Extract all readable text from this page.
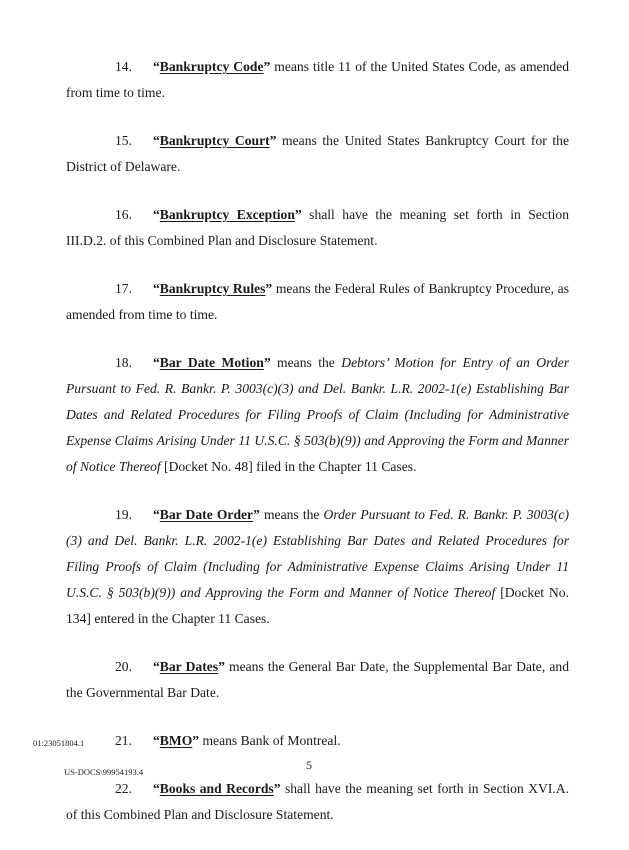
14. “Bankruptcy Code” means title 11 of the United States Code, as amended from time to time.

15. “Bankruptcy Court” means the United States Bankruptcy Court for the District of Delaware.

16. “Bankruptcy Exception” shall have the meaning set forth in Section III.D.2. of this Combined Plan and Disclosure Statement.

17. “Bankruptcy Rules” means the Federal Rules of Bankruptcy Procedure, as amended from time to time.

18. “Bar Date Motion” means the Debtors’ Motion for Entry of an Order Pursuant to Fed. R. Bankr. P. 3003(c)(3) and Del. Bankr. L.R. 2002-1(e) Establishing Bar Dates and Related Procedures for Filing Proofs of Claim (Including for Administrative Expense Claims Arising Under 11 U.S.C. § 503(b)(9)) and Approving the Form and Manner of Notice Thereof [Docket No. 48] filed in the Chapter 11 Cases.

19. “Bar Date Order” means the Order Pursuant to Fed. R. Bankr. P. 3003(c)(3) and Del. Bankr. L.R. 2002-1(e) Establishing Bar Dates and Related Procedures for Filing Proofs of Claim (Including for Administrative Expense Claims Arising Under 11 U.S.C. § 503(b)(9)) and Approving the Form and Manner of Notice Thereof [Docket No. 134] entered in the Chapter 11 Cases.

20. “Bar Dates” means the General Bar Date, the Supplemental Bar Date, and the Governmental Bar Date.

21. “BMO” means Bank of Montreal.

22. “Books and Records” shall have the meaning set forth in Section XVI.A. of this Combined Plan and Disclosure Statement.

01:23051804.1
5
US-DOCS\99954193.4
